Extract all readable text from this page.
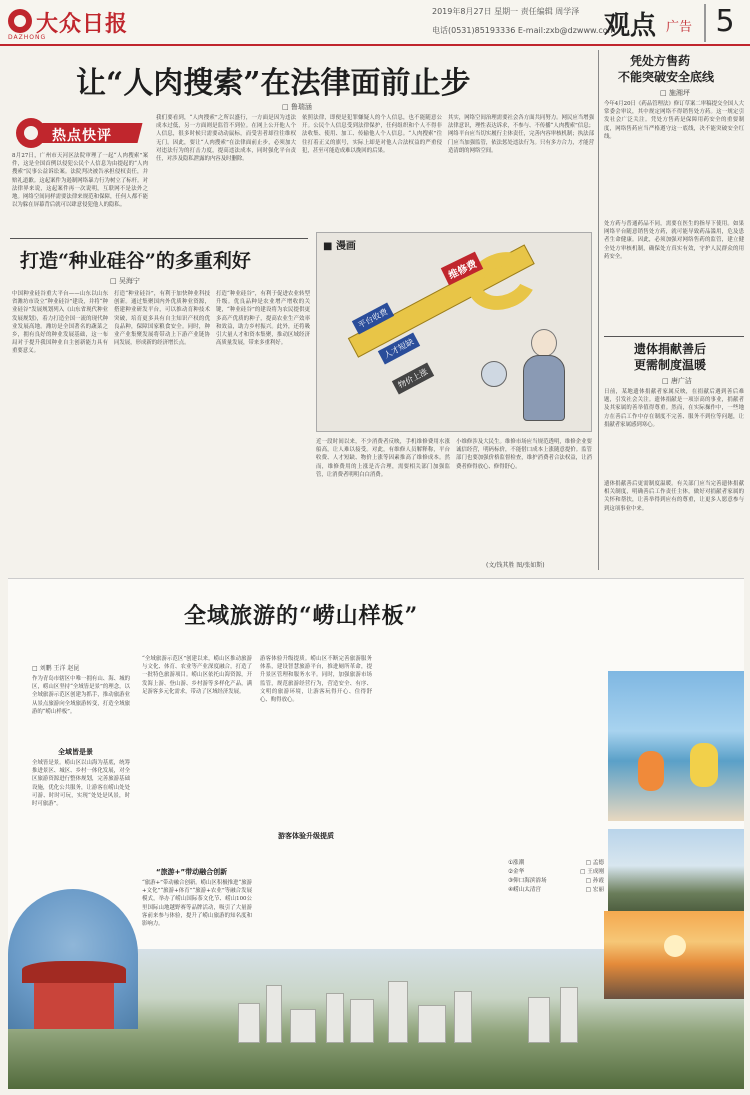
大众日报
DAZHONG
2019年8月27日 星期一 责任编辑 周学泽
电话(0531)85193336 E-mail:zxb@dzwww.com
观点 广告 5
让“人肉搜索”在法律面前止步
□ 鲁瑞涵
热点快评
8月27日，广州市天河区法院审理了一起“人肉搜索”案件，这是全国首例以侵犯公民个人信息为由提起的“人肉搜索”民事公益诉讼案。法院判决被告承担侵权责任，并赔礼道歉。这起案件为遏制网络暴力行为树立了标杆。对法律界来说，这起案件再一次说明，互联网不是法外之地。网络空间同样需要法律来规范和保障，任何人都不能以为躲在屏幕背后就可以肆意侵犯他人的隐私。
我们要看到，“人肉搜索”之所以盛行，一方面是因为违法成本过低，另一方面则是监管不到位。在网上公开他人个人信息，很多时候只需要动动鼠标，而受害者却往往维权无门。因此，要让“人肉搜索”在法律面前止步，必须加大对违法行为的打击力度，提高违法成本，同时强化平台责任，对涉及隐私泄露的内容及时删除。
依照法律，即便是犯罪嫌疑人的个人信息，也不能随意公开。公民个人信息受到法律保护，任何组织和个人不得非法收集、使用、加工、传输他人个人信息。“人肉搜索”往往打着正义的旗号，实际上却是对他人合法权益的严重侵犯，甚至可能造成难以挽回的后果。
其实，网络空间治理需要社会各方面共同努力。网民应当增强法律意识，理性表达诉求，不参与、不传播“人肉搜索”信息；网络平台应当切实履行主体责任，完善内容审核机制；执法部门应当加强监管，依法惩处违法行为。只有多方合力，才能营造清朗的网络空间。
打造“种业硅谷”的多重利好
□ 吴海宁
中国种业硅谷重大平台——山东以山东省潍坊市设立“种业硅谷”建设，并将“种业硅谷”发展规划列入《山东省现代种业发展规划》，着力打造全国一流的现代种业发展高地。潍坊是全国著名的蔬菜之乡，拥有良好的种业发展基础，这一布局对于提升我国种业自主创新能力具有重要意义。
打造“种业硅谷”，有利于加快种业科技创新。通过集聚国内外优质种业资源，搭建种业研发平台，可以推动育种技术突破，培育更多具有自主知识产权的优良品种，保障国家粮食安全。同时，种业产业集聚发展将带动上下游产业链协同发展，形成新的经济增长点。
打造“种业硅谷”，有利于促进农业转型升级。优良品种是农业增产增收的关键，“种业硅谷”的建设将为农民提供更多高产优质的种子，提高农业生产效率和效益，助力乡村振兴。此外，还将吸引大量人才和资本集聚，推动区域经济高质量发展，带来多重利好。
■ 漫画
维修费
平台收费
人才短缺
物价上涨
近一段时间以来，不少消费者反映，手机维修费用水涨船高，让人难以接受。对此，有维修人员解释称，平台收费、人才短缺、物价上涨等因素推高了维修成本。然而，维修费用的上涨是否合理，需要相关部门加强监管，让消费者明明白白消费。
小维修涉及大民生。维修市场应当规范透明，维修企业要诚信经营，明码标价，不能借口成本上涨随意提价。监管部门也要加强价格监督检查，维护消费者合法权益，让消费者修得放心、修得舒心。
(文/钱其胜 图/张如斯)
凭处方售药
不能突破安全底线
□ 施湘坪
今年4月20日《药品管理法》修订草案二审稿提交全国人大常委会审议，其中规定网络不得销售处方药。这一规定引发社会广泛关注。凭处方售药是保障用药安全的重要制度，网络售药应当严格遵守这一底线，决不能突破安全红线。
处方药与普通药品不同，需要在医生的指导下使用。如果网络平台随意销售处方药，就可能导致药品滥用，危及患者生命健康。因此，必须加强对网络售药的监管，建立健全处方审核机制，确保处方真实有效，守护人民群众的用药安全。
遗体捐献善后
更需制度温暖
□ 唐广洁
日前，某地遗体捐献者家属反映，在捐献后遇到善后难题，引发社会关注。遗体捐献是一项崇高的事业，捐献者及其家属的善举值得尊重。然而，在实际操作中，一些地方在善后工作中存在制度不完善、服务不到位等问题，让捐献者家属感到寒心。
遗体捐献善后更需制度温暖。有关部门应当完善遗体捐献相关制度，明确善后工作责任主体，做好对捐献者家属的关怀和帮扶，让善举得到应有的尊重，让更多人愿意参与到这项事业中来。
全域旅游的“崂山样板”
□ 刘鹏 王洋 赵昆
作为青岛市辖区中唯一拥有山、海、城的区，崂山区坚持“全域皆是景”的理念，以全域旅游示范区创建为抓手，推动旅游业从景点旅游向全域旅游转变，打造全域旅游的“崂山样板”。
全域皆是景
全域皆是景。崂山区以山海为基底，统筹推进景区、城区、乡村一体化发展，对全区旅游资源进行整体规划，完善旅游基础设施，优化公共服务，让游客在崂山处处可游、时时可玩，实现“处处是风景，时时可旅游”。
“全域旅游示范区”创建以来，崂山区推动旅游与文化、体育、农业等产业深度融合，打造了一批特色旅游项目。崂山区依托山海资源，开发海上游、登山游、乡村游等多样化产品，满足游客多元化需求，带动了区域经济发展。
“旅游+”带动融合创新
“旅游+”带动融合创新。崂山区积极推进“旅游+文化”“旅游+体育”“旅游+农业”等融合发展模式，举办了崂山国际茶文化节、崂山100公里国际山地越野赛等品牌活动，吸引了大量游客前来参与体验，提升了崂山旅游的知名度和影响力。
游客体验升级提质。崂山区不断完善旅游服务体系，建设智慧旅游平台，推进厕所革命，提升景区管理和服务水平。同时，加强旅游市场监管，规范旅游经营行为，营造安全、有序、文明的旅游环境，让游客玩得开心、住得舒心、购得放心。
游客体验升级提质
①涨潮	□ 孟德
②金华	□ 王成刚
③仰口海滨浴场	□ 孙霞
④崂山太清宫	□ 宏丽
